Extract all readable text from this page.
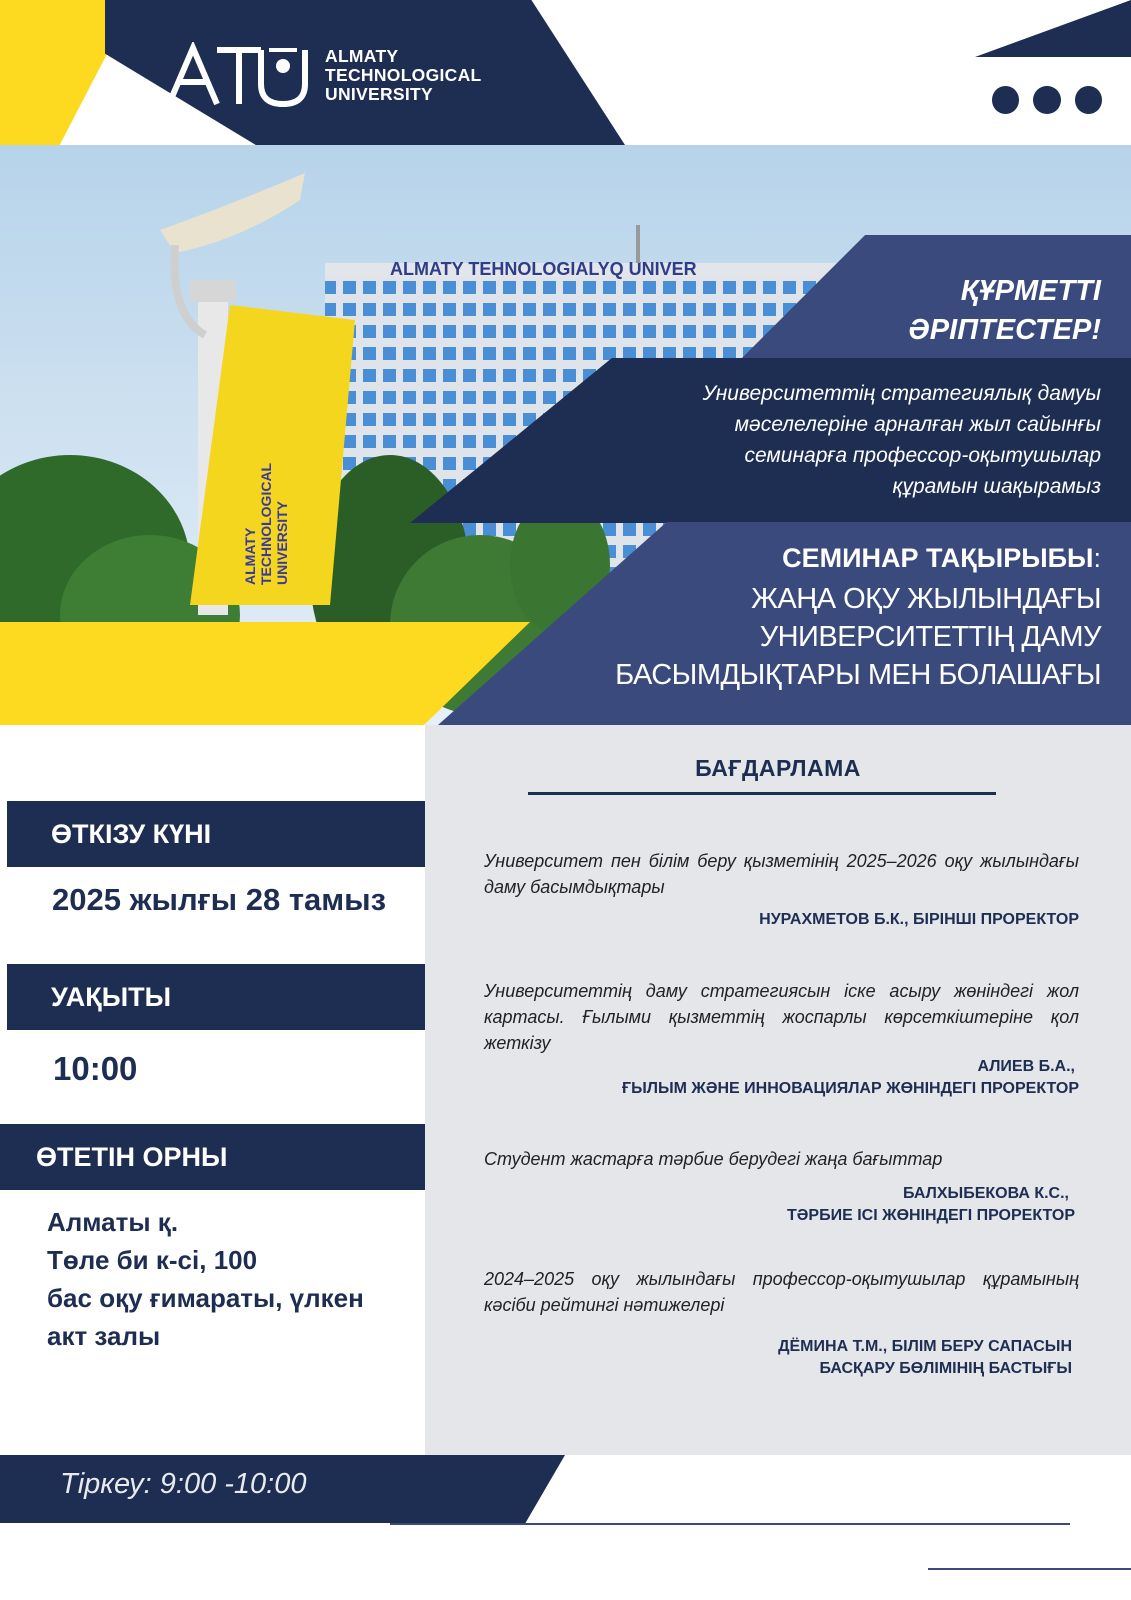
ALMATY
TECHNOLOGICAL
UNIVERSITY
ALMATY TEHNOLOGIALYQ UNIVER
ALMATY TECHNOLOGICAL UNIVERSITY
ҚҰРМЕТТІ
ӘРІПТЕСТЕР!
Университеттің стратегиялық дамуы
мәселелеріне арналған жыл сайынғы
семинарға профессор-оқытушылар
құрамын шақырамыз
СЕМИНАР ТАҚЫРЫБЫ:
ЖАҢА ОҚУ ЖЫЛЫНДАҒЫ
УНИВЕРСИТЕТТІҢ ДАМУ
БАСЫМДЫҚТАРЫ МЕН БОЛАШАҒЫ
ӨТКІЗУ КҮНІ
2025 жылғы 28 тамыз
УАҚЫТЫ
10:00
ӨТЕТІН ОРНЫ
Алматы қ.
Төле би к-сі, 100
бас оқу ғимараты, үлкен
акт залы
БАҒДАРЛАМА
Университет пен білім беру қызметінің 2025–2026 оқу жылындағы даму басымдықтары
НУРАХМЕТОВ Б.К., БІРІНШІ ПРОРЕКТОР
Университеттің даму стратегиясын іске асыру жөніндегі жол картасы. Ғылыми қызметтің жоспарлы көрсеткіштеріне қол жеткізу
АЛИЕВ Б.А.,
ҒЫЛЫМ ЖӘНЕ ИННОВАЦИЯЛАР ЖӨНІНДЕГІ ПРОРЕКТОР
Студент жастарға тәрбие берудегі жаңа бағыттар
БАЛХЫБЕКОВА К.С.,
ТӘРБИЕ ІСІ ЖӨНІНДЕГІ ПРОРЕКТОР
2024–2025 оқу жылындағы профессор-оқытушылар құрамының кәсіби рейтингі нәтижелері
ДЁМИНА Т.М., БІЛІМ БЕРУ САПАСЫН
БАСҚАРУ БӨЛІМІНІҢ БАСТЫҒЫ
Тіркеу: 9:00 -10:00
